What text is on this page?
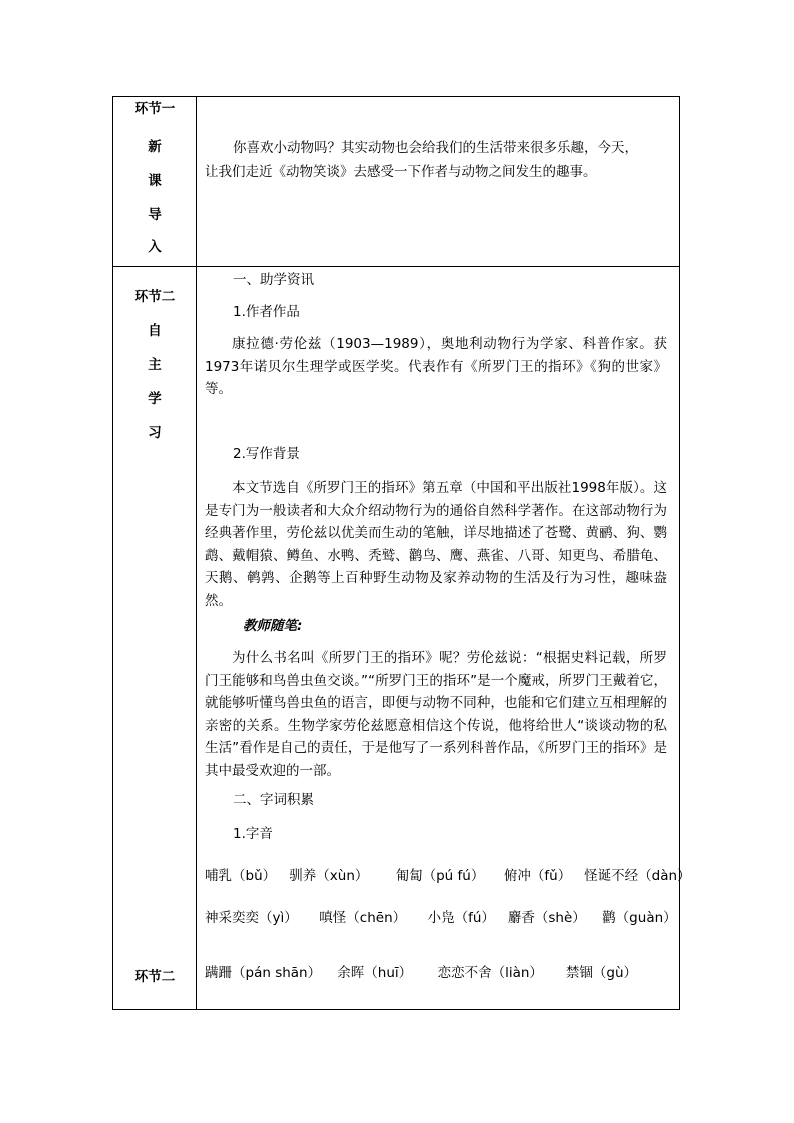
环节一
新
课
导
入
你喜欢小动物吗？其实动物也会给我们的生活带来很多乐趣，今天，
让我们走近《动物笑谈》去感受一下作者与动物之间发生的趣事。
环节二
自
主
学
习
环节二
一、助学资讯
1.作者作品
康拉德·劳伦兹（1903—1989），奥地利动物行为学家、科普作家。获1973年诺贝尔生理学或医学奖。代表作有《所罗门王的指环》《狗的世家》等。
2.写作背景
本文节选自《所罗门王的指环》第五章（中国和平出版社1998年版）。这是专门为一般读者和大众介绍动物行为的通俗自然科学著作。在这部动物行为经典著作里，劳伦兹以优美而生动的笔触，详尽地描述了苍鹭、黄鹂、狗、鹦鹉、戴帽猿、鳟鱼、水鸭、秃鹫、鹳鸟、鹰、燕雀、八哥、知更鸟、希腊龟、天鹅、鹌鹑、企鹅等上百种野生动物及家养动物的生活及行为习性，趣味盎然。
教师随笔:
为什么书名叫《所罗门王的指环》呢？劳伦兹说：“根据史料记载，所罗门王能够和鸟兽虫鱼交谈。”“所罗门王的指环”是一个魔戒，所罗门王戴着它，就能够听懂鸟兽虫鱼的语言，即便与动物不同种，也能和它们建立互相理解的亲密的关系。生物学家劳伦兹愿意相信这个传说，他将给世人“谈谈动物的私生活”看作是自己的责任，于是他写了一系列科普作品，《所罗门王的指环》是其中最受欢迎的一部。
二、字词积累
1.字音
哺乳（bǔ） 驯养（xùn） 匍匐（pú fú） 俯冲（fǔ） 怪诞不经（dàn）
神采奕奕（yì） 嗔怪（chēn） 小凫（fú） 麝香（shè） 鹳（guàn）
蹒跚（pán shān） 余晖（huī） 恋恋不舍（liàn） 禁锢（gù）
